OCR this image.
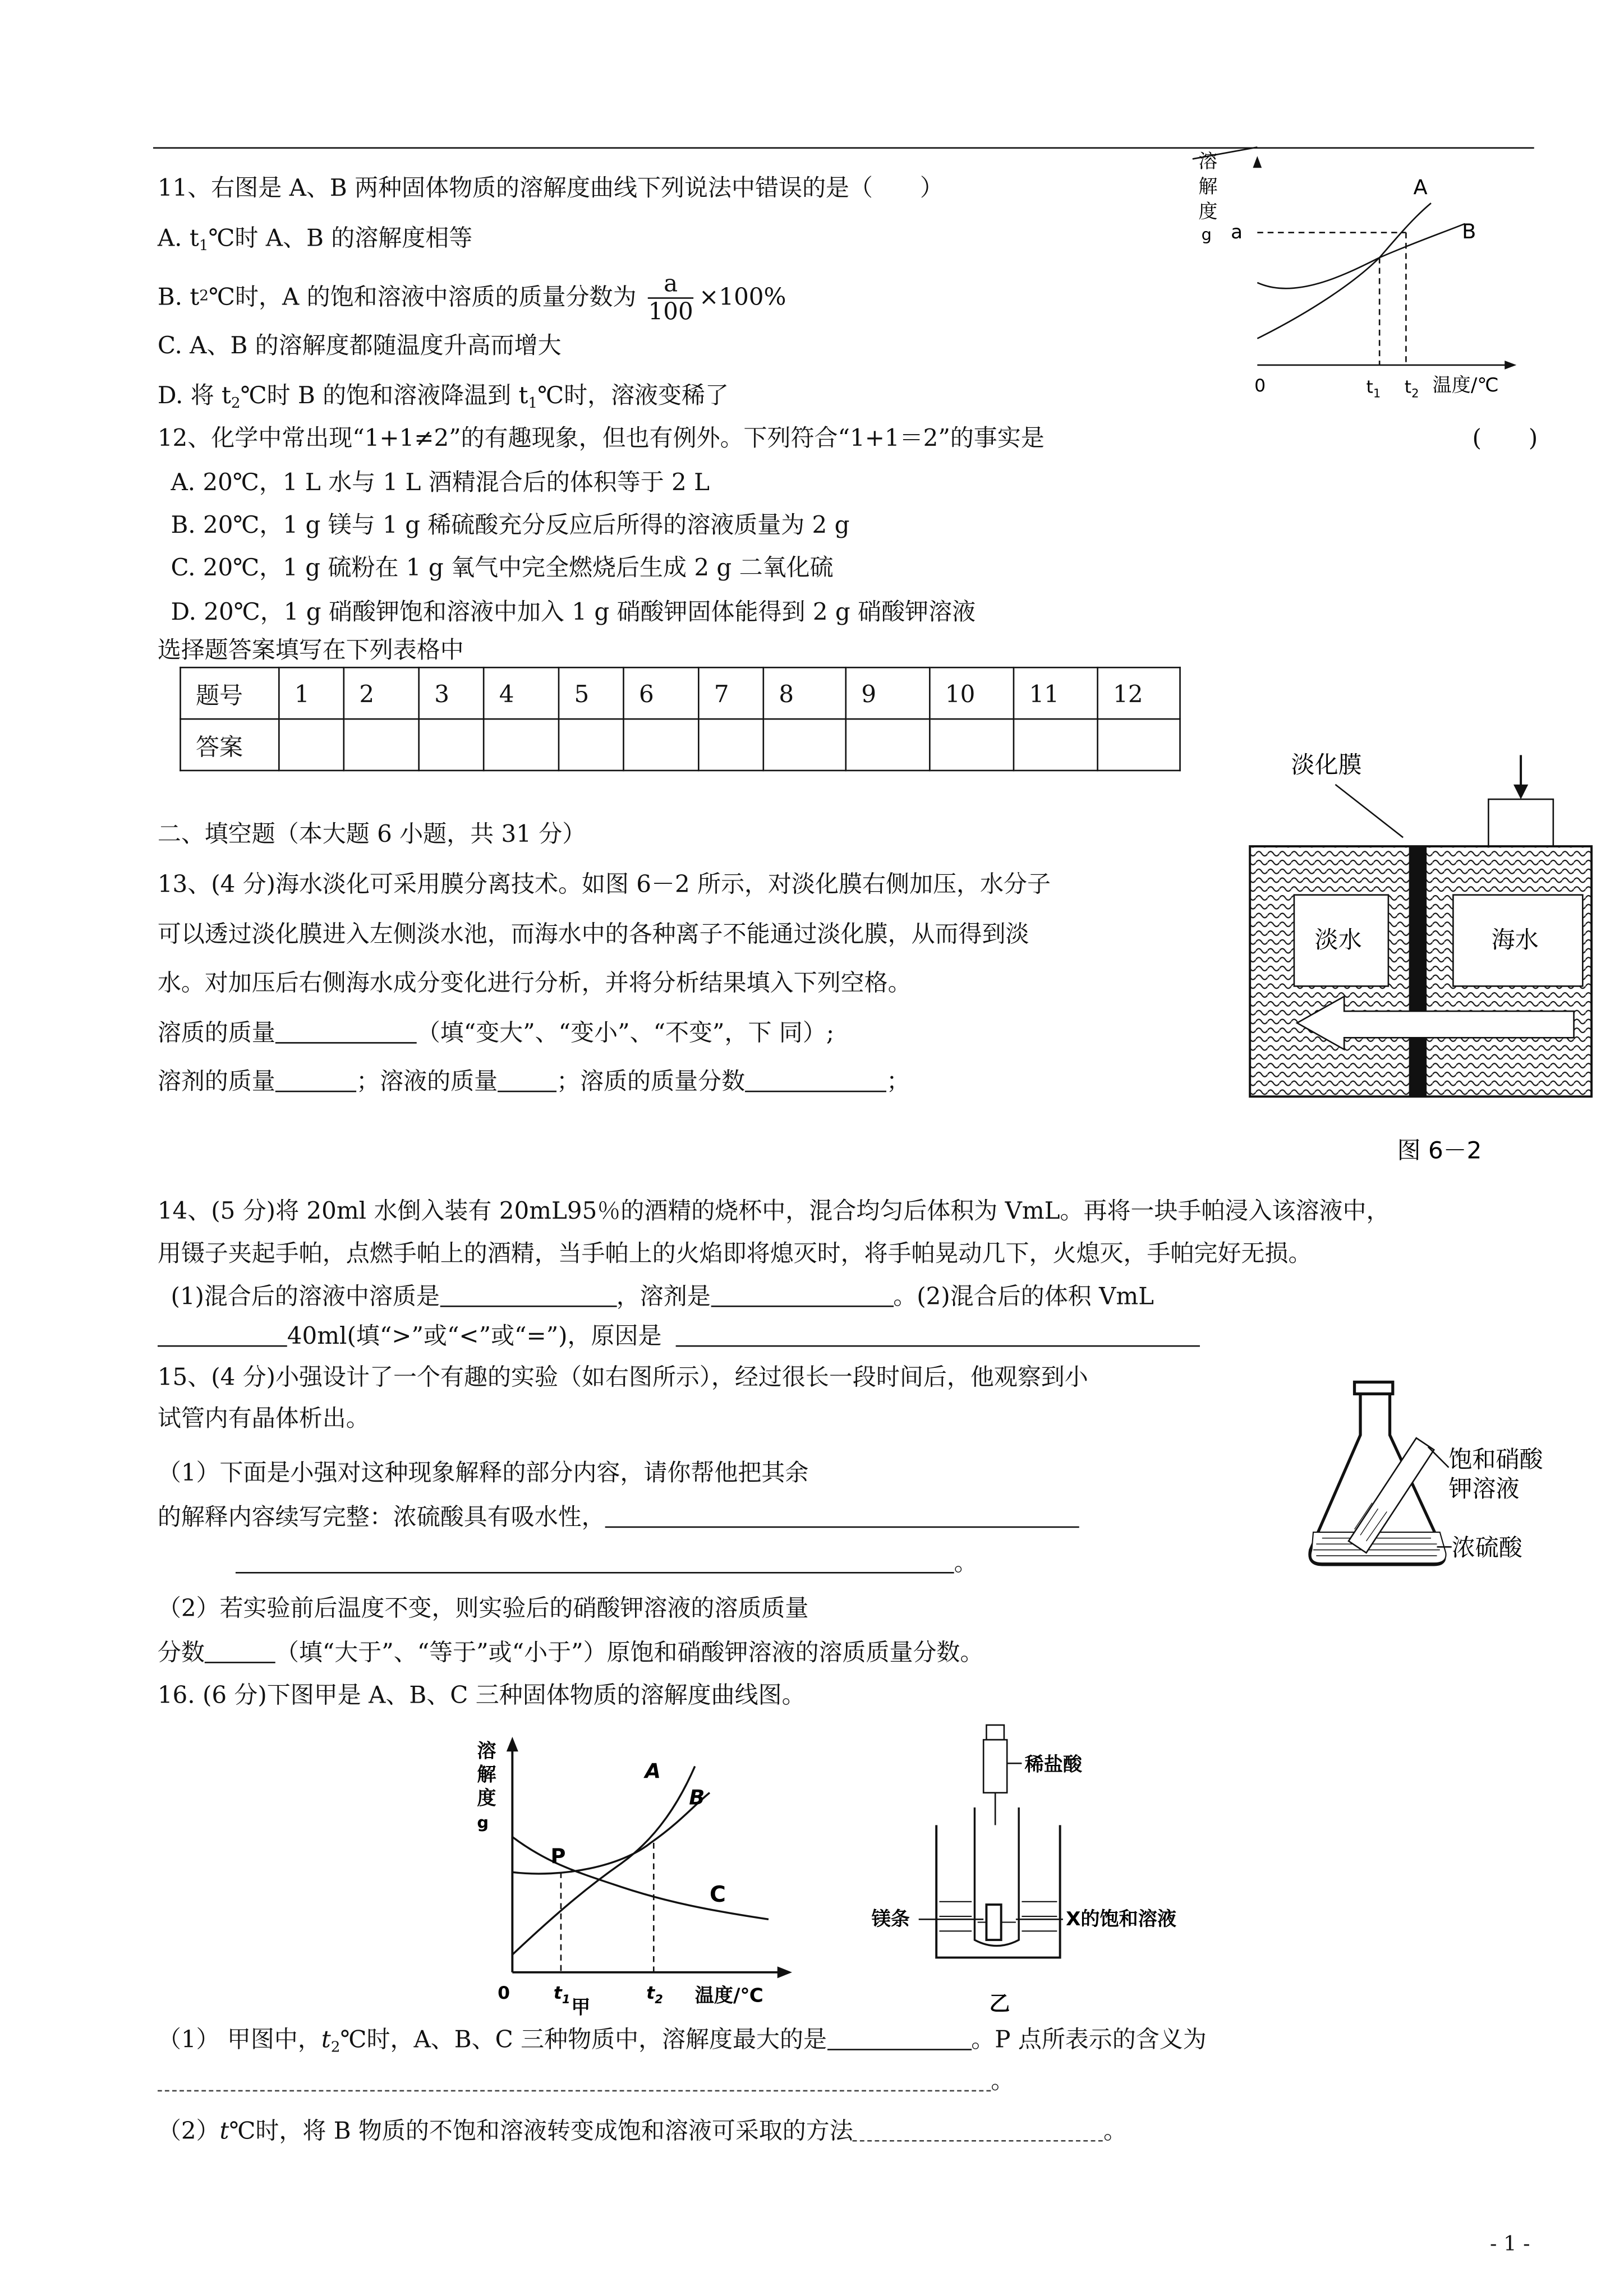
11、右图是 A、B 两种固体物质的溶解度曲线下列说法中错误的是（　　）
A. $t_1℃$时 A、B 的溶解度相等
B. t 2 ℃时，A 的饱和溶液中溶质的质量分数为 $\frac{a}{100} \times 100\%$
C. A、B 的溶解度都随温度升高而增大
D. 将 $t_2℃$时 B 的饱和溶液降温到 $t_1℃$时，溶液变稀了
溶
解
度
g	a
A
B
0	$t_1$	$t_2$ 温度/℃
12、化学中常出现“1+1≠2”的有趣现象，但也有例外。下列符合“1+1＝2”的事实是	(　　)
A. 20℃，1 L 水与 1 L 酒精混合后的体积等于 2 L
B. 20℃，1 g 镁与 1 g 稀硫酸充分反应后所得的溶液质量为 2 g
C. 20℃，1 g 硫粉在 1 g 氧气中完全燃烧后生成 2 g 二氧化硫
D. 20℃，1 g 硝酸钾饱和溶液中加入 1 g 硝酸钾固体能得到 2 g 硝酸钾溶液
选择题答案填写在下列表格中
题号	1	2	3	4	5	6	7	8	9	10	11	12
答案												
二、填空题（本大题 6 小题，共 31 分）
13、(4 分)海水淡化可采用膜分离技术。如图 6－2 所示，对淡化膜右侧加压，水分子
可以透过淡化膜进入左侧淡水池，而海水中的各种离子不能通过淡化膜，从而得到淡
水。对加压后右侧海水成分变化进行分析，并将分析结果填入下列空格。
溶质的质量	（填“变大”、“变小”、“不变”，下 同）;
溶剂的质量	；溶液的质量	；溶质的质量分数	；
淡化膜
淡水	海水
图 6－2
14、(5 分)将 20ml 水倒入装有 20mL95％的酒精的烧杯中，混合均匀后体积为 VmL。再将一块手帕浸入该溶液中，
用镊子夹起手帕，点燃手帕上的酒精，当手帕上的火焰即将熄灭时，将手帕晃动几下，火熄灭，手帕完好无损。
(1)混合后的溶液中溶质是	，溶剂是	。(2)混合后的体积 VmL
40ml(填“>”或“<”或“=”)，原因是
15、(4 分)小强设计了一个有趣的实验（如右图所示），经过很长一段时间后，他观察到小
试管内有晶体析出。
（1）下面是小强对这种现象解释的部分内容，请你帮他把其余
的解释内容续写完整：浓硫酸具有吸水性，
。
（2）若实验前后温度不变，则实验后的硝酸钾溶液的溶质质量
分数	（填“大于”、“等于”或“小于”）原饱和硝酸钾溶液的溶质质量分数。
饱和硝酸
钾溶液
浓硫酸
16. (6 分)下图甲是 A、B、C 三种固体物质的溶解度曲线图。
溶
解
度
g
A
B
C
P
0	$t_1$	$t_2$	温度/℃
甲
稀盐酸
镁条	X的饱和溶液
乙
（1） 甲图中，$t_2℃$时，A、B、C 三种物质中，溶解度最大的是	。P 点所表示的含义为
。
（2）t℃时，将 B 物质的不饱和溶液转变成饱和溶液可采取的方法	。
- 1 -
